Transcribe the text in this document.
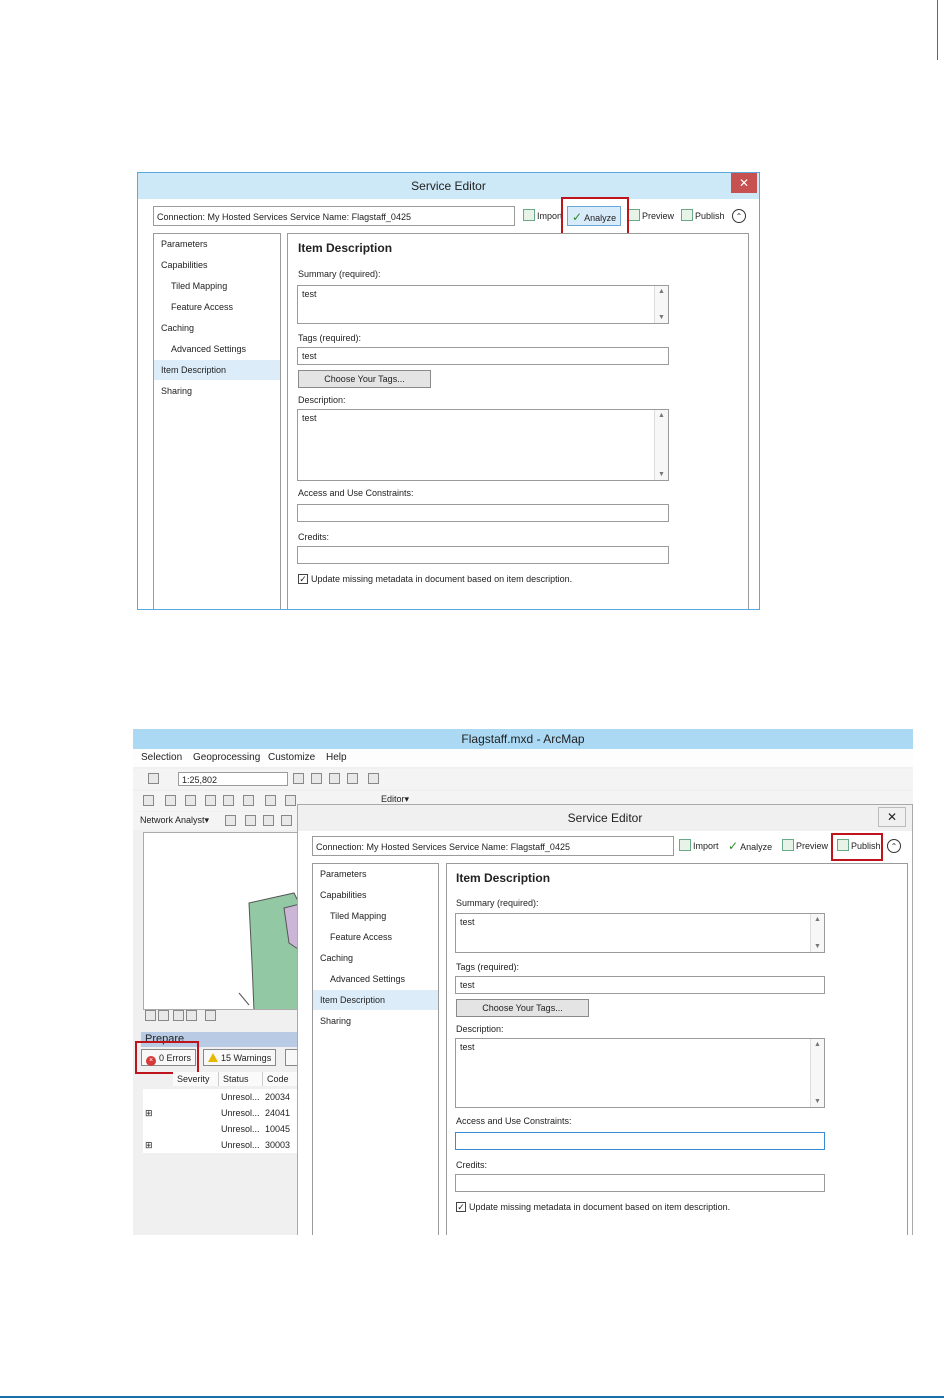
Service Editor	✕
Connection: My Hosted Services Service Name: Flagstaff_0425	Import ✓ Analyze	Preview	Publish	⌃
Parameters
Capabilities
Tiled Mapping
Feature Access
Caching
Advanced Settings
Item Description
Sharing
Item Description
Summary (required):
test	▲
▼
Tags (required):
test
Choose Your Tags...
Description:
test	▲
▼
Access and Use Constraints:
Credits:
✓ Update missing metadata in document based on item description.
Flagstaff.mxd - ArcMap
Selection Geoprocessing Customize Help
1:25,802
Editor▾
Network Analyst▾
Prepare
× 0 Errors	15 Warnings
Severity	Status	Code
Unresol... 20034
⊞	Unresol... 24041
Unresol... 10045
⊞	Unresol... 30003
Service Editor	✕
Connection: My Hosted Services Service Name: Flagstaff_0425	Import ✓ Analyze	Preview	Publish	⌃
Parameters
Capabilities
Tiled Mapping
Feature Access
Caching
Advanced Settings
Item Description
Sharing
Item Description
Summary (required):
test	▲
▼
Tags (required):
test
Choose Your Tags...
Description:
test	▲
▼
Access and Use Constraints:
Credits:
✓ Update missing metadata in document based on item description.
